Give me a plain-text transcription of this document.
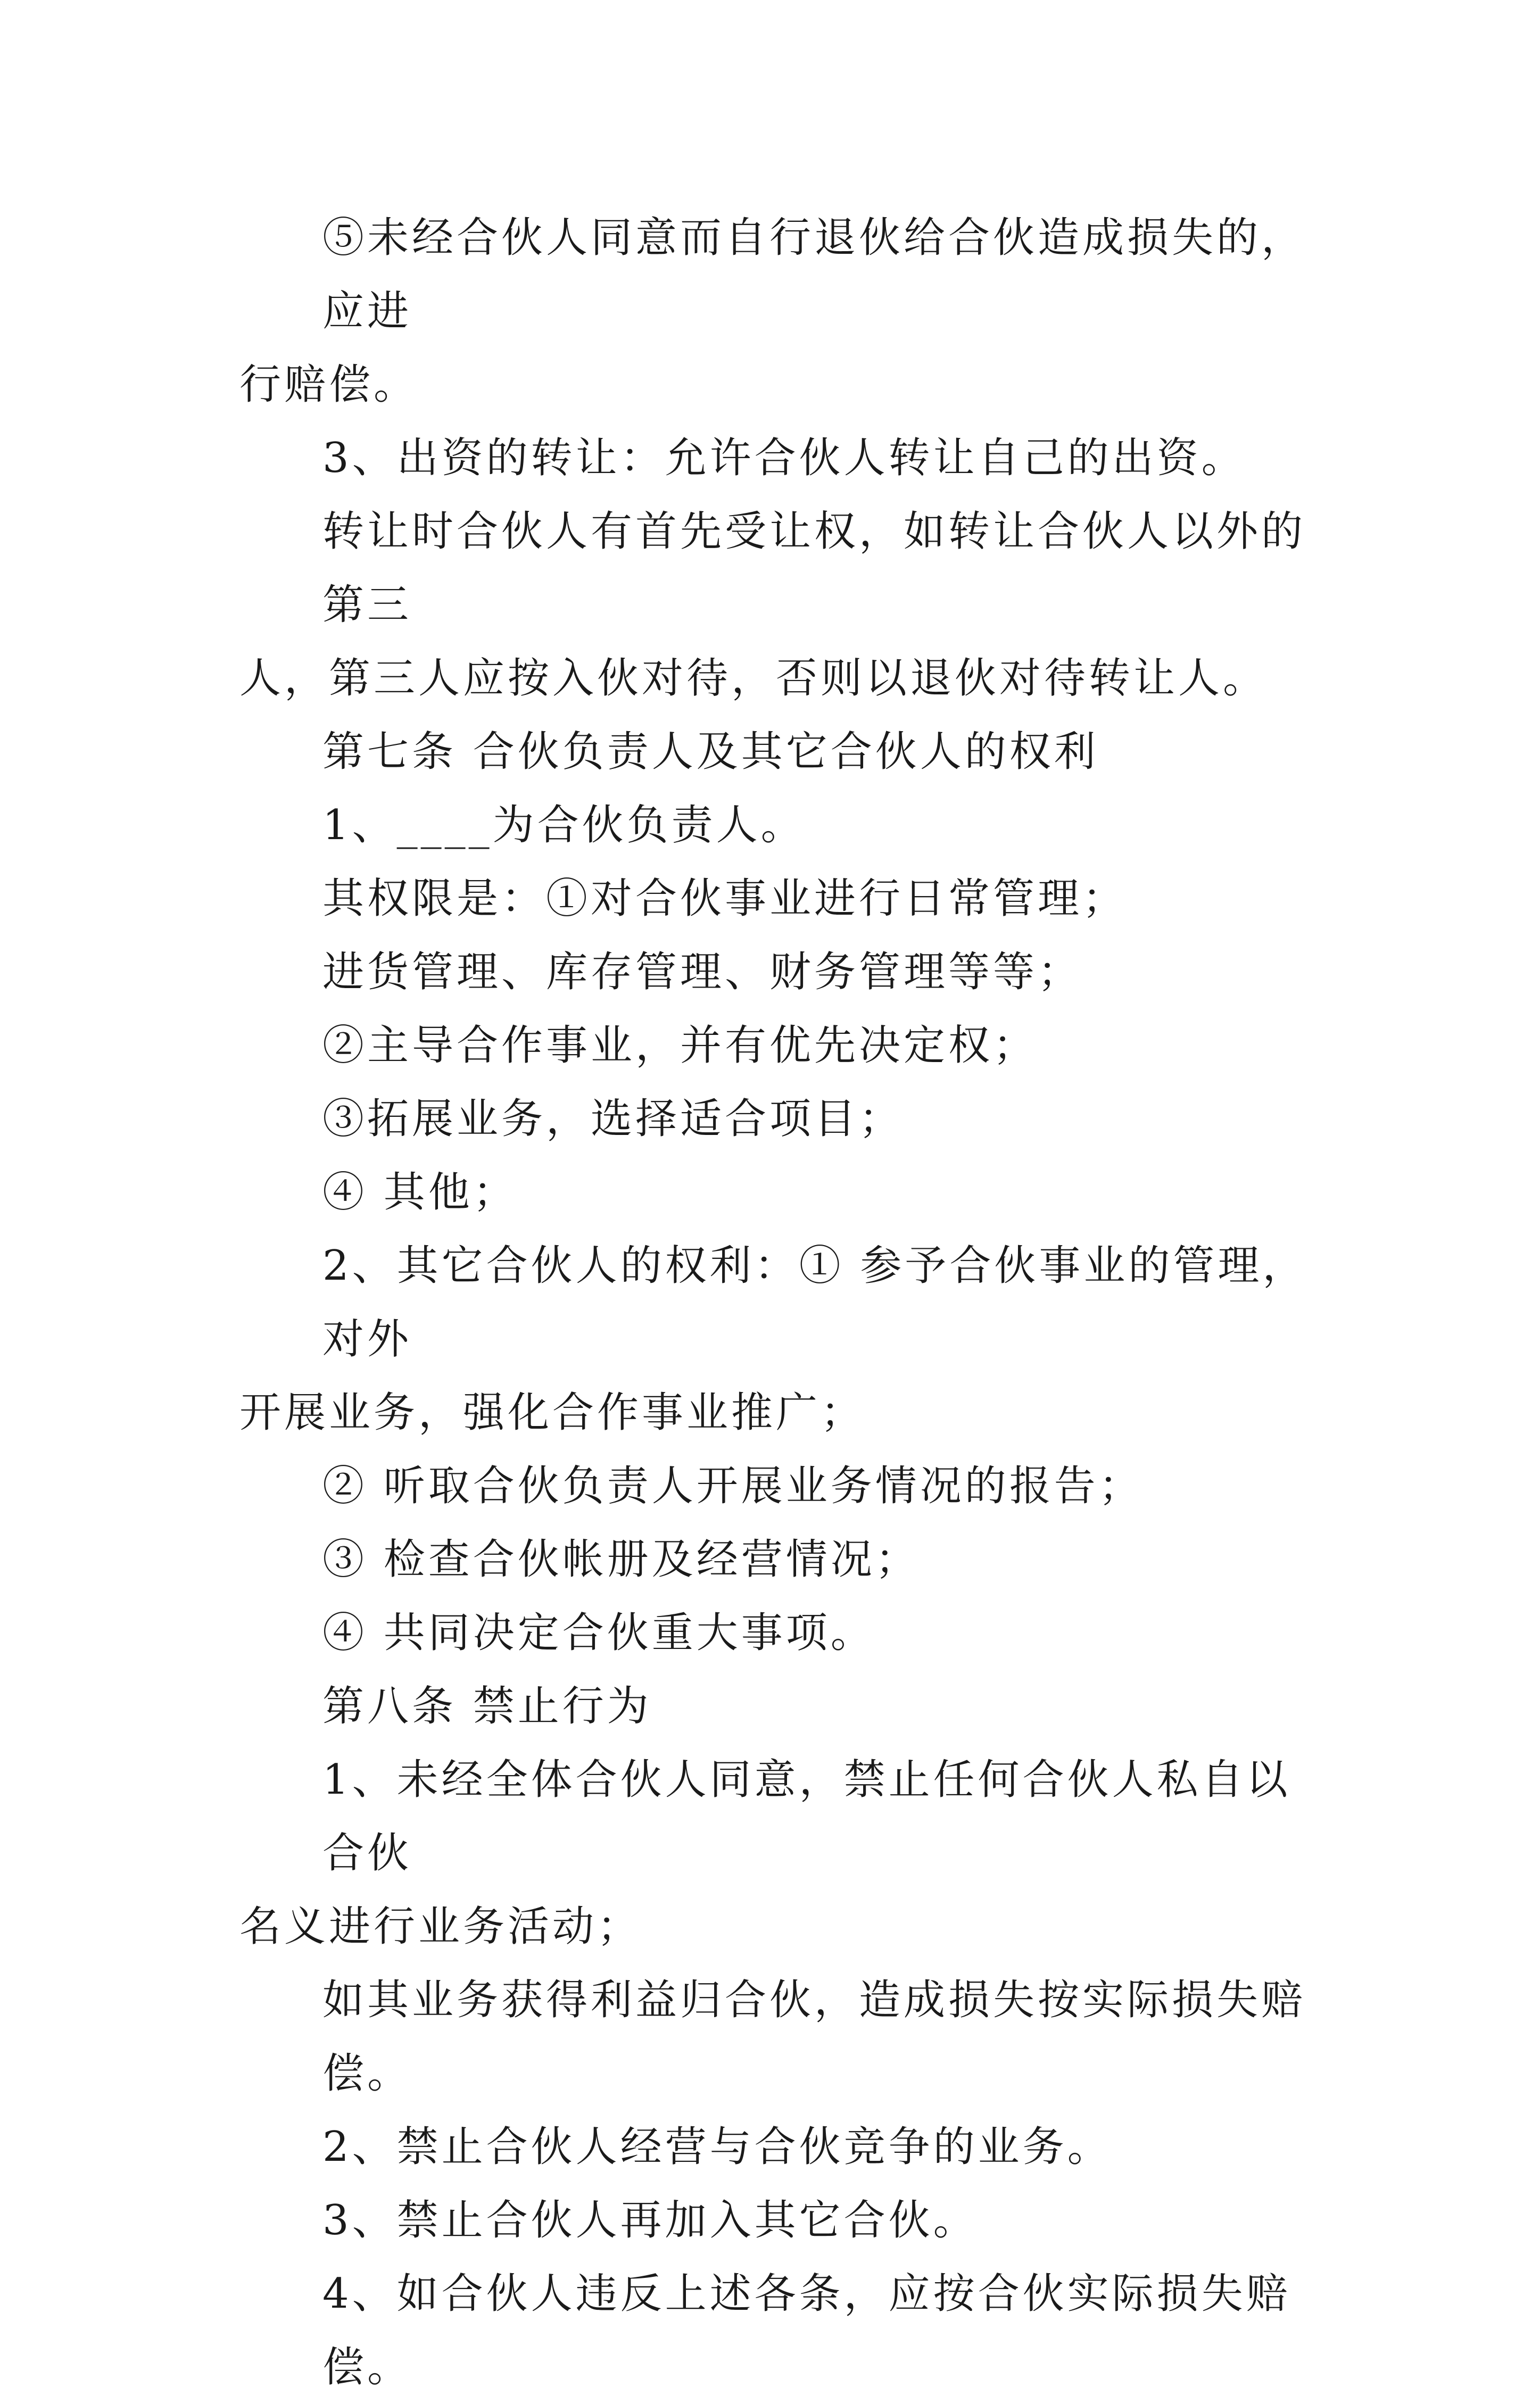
⑤未经合伙人同意而自行退伙给合伙造成损失的，应进
行赔偿。
3、出资的转让：允许合伙人转让自己的出资。
转让时合伙人有首先受让权，如转让合伙人以外的第三
人，第三人应按入伙对待，否则以退伙对待转让人。
第七条 合伙负责人及其它合伙人的权利
1、____为合伙负责人。
其权限是：①对合伙事业进行日常管理；
进货管理、库存管理、财务管理等等；
②主导合作事业，并有优先决定权；
③拓展业务，选择适合项目；
④ 其他；
2、其它合伙人的权利：① 参予合伙事业的管理，对外
开展业务，强化合作事业推广；
② 听取合伙负责人开展业务情况的报告；
③ 检查合伙帐册及经营情况；
④ 共同决定合伙重大事项。
第八条 禁止行为
1、未经全体合伙人同意，禁止任何合伙人私自以合伙
名义进行业务活动；
如其业务获得利益归合伙，造成损失按实际损失赔偿。
2、禁止合伙人经营与合伙竞争的业务。
3、禁止合伙人再加入其它合伙。
4、如合伙人违反上述各条，应按合伙实际损失赔偿。
